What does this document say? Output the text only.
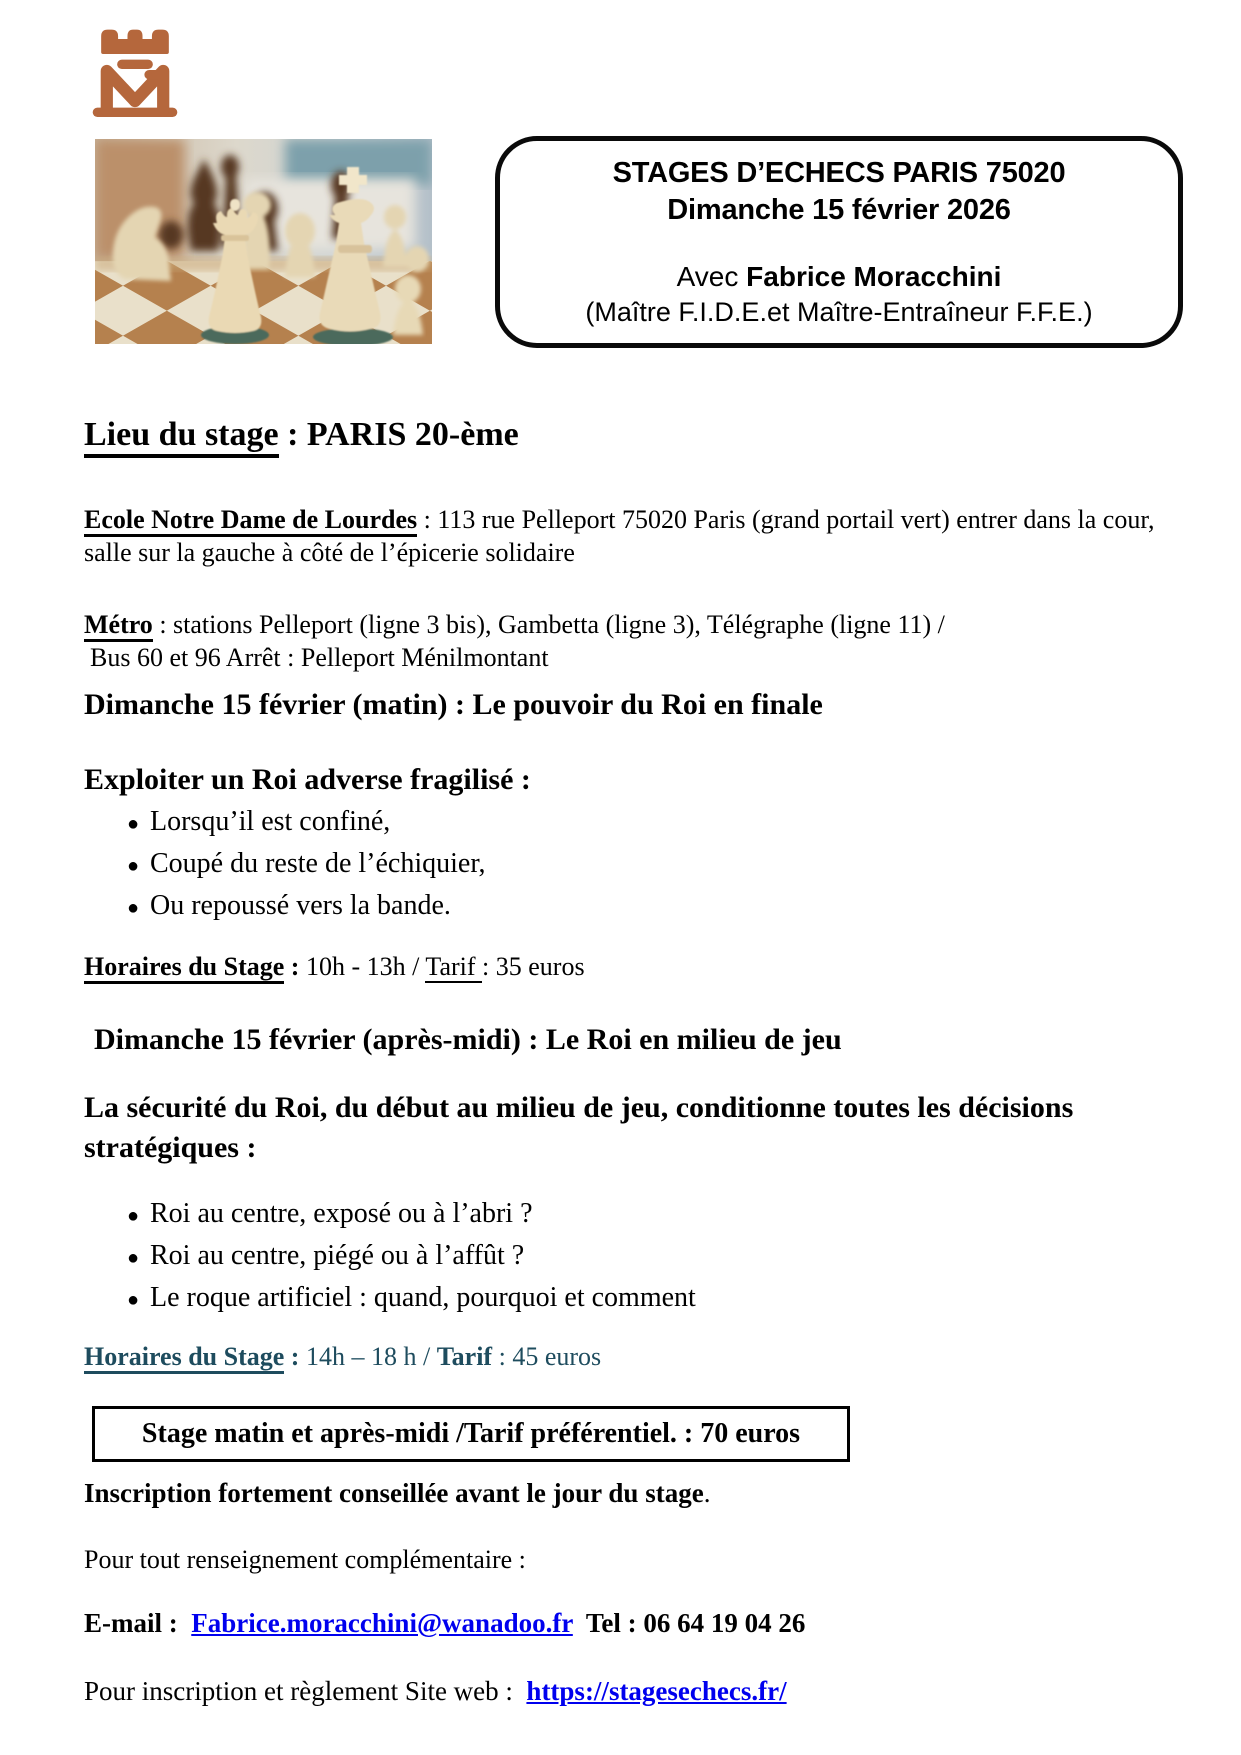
STAGES D’ECHECS PARIS 75020
Dimanche 15 février 2026
Avec Fabrice Moracchini
(Maître F.I.D.E.et Maître-Entraîneur F.F.E.)
Lieu du stage : PARIS 20-ème
Ecole Notre Dame de Lourdes : 113 rue Pelleport 75020 Paris (grand portail vert) entrer dans la cour, salle sur la gauche à côté de l’épicerie solidaire
Métro : stations Pelleport (ligne 3 bis), Gambetta (ligne 3), Télégraphe (ligne 11) /
Bus 60 et 96 Arrêt : Pelleport Ménilmontant
Dimanche 15 février (matin) : Le pouvoir du Roi en finale
Exploiter un Roi adverse fragilisé :
● Lorsqu’il est confiné,
● Coupé du reste de l’échiquier,
● Ou repoussé vers la bande.
Horaires du Stage : 10h - 13h / Tarif : 35 euros
Dimanche 15 février (après-midi) : Le Roi en milieu de jeu
La sécurité du Roi, du début au milieu de jeu, conditionne toutes les décisions stratégiques :
● Roi au centre, exposé ou à l’abri ?
● Roi au centre, piégé ou à l’affût ?
● Le roque artificiel : quand, pourquoi et comment
Horaires du Stage : 14h – 18 h / Tarif : 45 euros
Stage matin et après-midi /Tarif préférentiel. : 70 euros
Inscription fortement conseillée avant le jour du stage.
Pour tout renseignement complémentaire :
E-mail :  Fabrice.moracchini@wanadoo.fr  Tel : 06 64 19 04 26
Pour inscription et règlement Site web :  https://stagesechecs.fr/
